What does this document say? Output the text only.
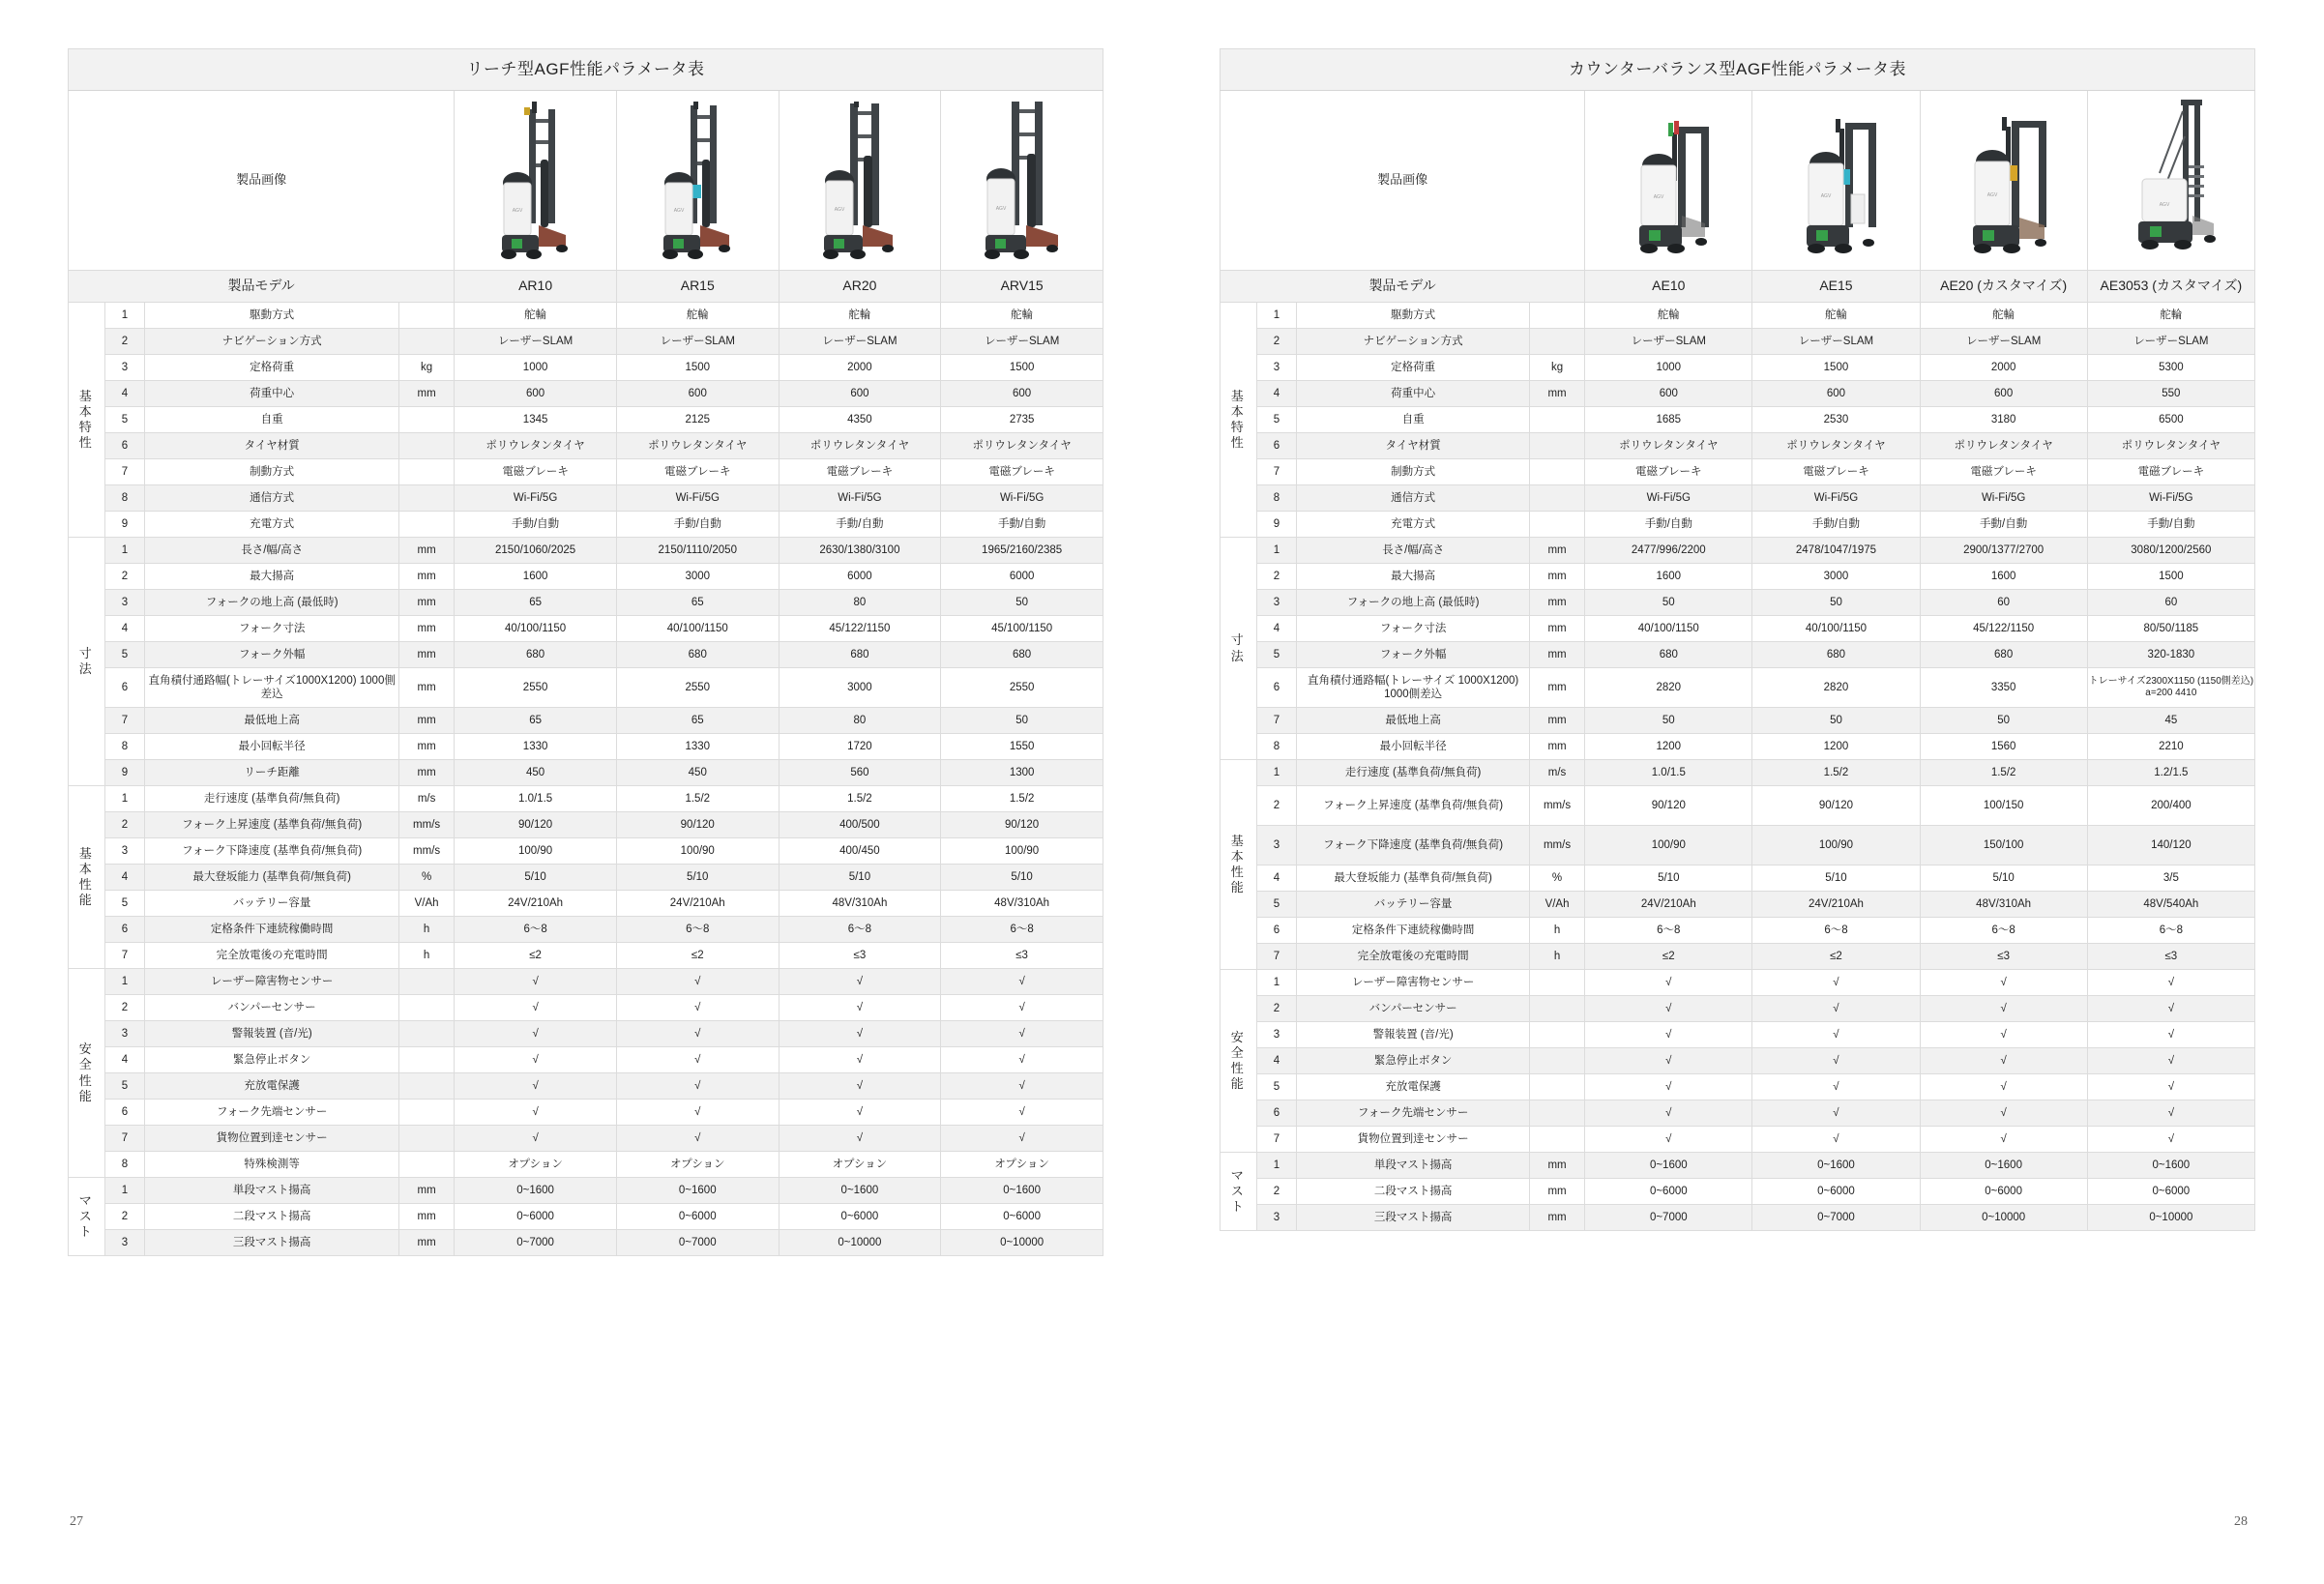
リーチ型AGF性能パラメータ表							
製品画像				AGV	AGV	AGV	AGV

製品モデル				AR10	AR15	AR20	ARV15

基
本
特
性	1	駆動方式		舵輪	舵輪	舵輪	舵輪
	2	ナビゲーション方式		レーザーSLAM	レーザーSLAM	レーザーSLAM	レーザーSLAM
	3	定格荷重	kg	1000	1500	2000	1500
	4	荷重中心	mm	600	600	600	600
	5	自重		1345	2125	4350	2735
	6	タイヤ材質		ポリウレタンタイヤ	ポリウレタンタイヤ	ポリウレタンタイヤ	ポリウレタンタイヤ
	7	制動方式		電磁ブレーキ	電磁ブレーキ	電磁ブレーキ	電磁ブレーキ
	8	通信方式		Wi-Fi/5G	Wi-Fi/5G	Wi-Fi/5G	Wi-Fi/5G
	9	充電方式		手動/自動	手動/自動	手動/自動	手動/自動

寸
法	1	長さ/幅/高さ	mm	2150/1060/2025	2150/1110/2050	2630/1380/3100	1965/2160/2385
	2	最大揚高	mm	1600	3000	6000	6000
	3	フォークの地上高 (最低時)	mm	65	65	80	50
	4	フォーク寸法	mm	40/100/1150	40/100/1150	45/122/1150	45/100/1150
	5	フォーク外幅	mm	680	680	680	680
	6	直角積付通路幅(トレーサイズ1000X1200) 1000側差込	mm	2550	2550	3000	2550
	7	最低地上高	mm	65	65	80	50
	8	最小回転半径	mm	1330	1330	1720	1550
	9	リーチ距離	mm	450	450	560	1300

基
本
性
能	1	走行速度 (基準負荷/無負荷)	m/s	1.0/1.5	1.5/2	1.5/2	1.5/2
	2	フォーク上昇速度 (基準負荷/無負荷)	mm/s	90/120	90/120	400/500	90/120
	3	フォーク下降速度 (基準負荷/無負荷)	mm/s	100/90	100/90	400/450	100/90
	4	最大登坂能力 (基準負荷/無負荷)	%	5/10	5/10	5/10	5/10
	5	バッテリー容量	V/Ah	24V/210Ah	24V/210Ah	48V/310Ah	48V/310Ah
	6	定格条件下連続稼働時間	h	6～8	6～8	6～8	6～8
	7	完全放電後の充電時間	h	≤2	≤2	≤3	≤3

安
全
性
能	1	レーザー障害物センサー		√	√	√	√
	2	バンパーセンサー		√	√	√	√
	3	警報装置 (音/光)		√	√	√	√
	4	緊急停止ボタン		√	√	√	√
	5	充放電保護		√	√	√	√
	6	フォーク先端センサー		√	√	√	√
	7	貨物位置到逹センサー		√	√	√	√
	8	特殊検測等		オプション	オプション	オプション	オプション

マ
ス
ト	1	単段マスト揚高	mm	0~1600	0~1600	0~1600	0~1600
	2	二段マスト揚高	mm	0~6000	0~6000	0~6000	0~6000
	3	三段マスト揚高	mm	0~7000	0~7000	0~10000	0~10000
27
カウンターバランス型AGF性能パラメータ表							
製品画像				AGV	AGV	AGV	AGV

製品モデル				AE10	AE15	AE20 (カスタマイズ)	AE3053 (カスタマイズ)

基
本
特
性	1	駆動方式		舵輪	舵輪	舵輪	舵輪
	2	ナビゲーション方式		レーザーSLAM	レーザーSLAM	レーザーSLAM	レーザーSLAM
	3	定格荷重	kg	1000	1500	2000	5300
	4	荷重中心	mm	600	600	600	550
	5	自重		1685	2530	3180	6500
	6	タイヤ材質		ポリウレタンタイヤ	ポリウレタンタイヤ	ポリウレタンタイヤ	ポリウレタンタイヤ
	7	制動方式		電磁ブレーキ	電磁ブレーキ	電磁ブレーキ	電磁ブレーキ
	8	通信方式		Wi-Fi/5G	Wi-Fi/5G	Wi-Fi/5G	Wi-Fi/5G
	9	充電方式		手動/自動	手動/自動	手動/自動	手動/自動

寸
法	1	長さ/幅/高さ	mm	2477/996/2200	2478/1047/1975	2900/1377/2700	3080/1200/2560
	2	最大揚高	mm	1600	3000	1600	1500
	3	フォークの地上高 (最低時)	mm	50	50	60	60
	4	フォーク寸法	mm	40/100/1150	40/100/1150	45/122/1150	80/50/1185
	5	フォーク外幅	mm	680	680	680	320-1830
	6	直角積付通路幅(トレーサイズ 1000X1200) 1000側差込	mm	2820	2820	3350	トレーサイズ2300X1150 (1150側差込) a=200 4410
	7	最低地上高	mm	50	50	50	45
	8	最小回転半径	mm	1200	1200	1560	2210

基
本
性
能	1	走行速度 (基準負荷/無負荷)	m/s	1.0/1.5	1.5/2	1.5/2	1.2/1.5
	2	フォーク上昇速度 (基準負荷/無負荷)	mm/s	90/120	90/120	100/150	200/400
	3	フォーク下降速度 (基準負荷/無負荷)	mm/s	100/90	100/90	150/100	140/120
	4	最大登坂能力 (基準負荷/無負荷)	%	5/10	5/10	5/10	3/5
	5	バッテリー容量	V/Ah	24V/210Ah	24V/210Ah	48V/310Ah	48V/540Ah
	6	定格条件下連続稼働時間	h	6～8	6～8	6～8	6～8
	7	完全放電後の充電時間	h	≤2	≤2	≤3	≤3

安
全
性
能	1	レーザー障害物センサー		√	√	√	√
	2	バンパーセンサー		√	√	√	√
	3	警報装置 (音/光)		√	√	√	√
	4	緊急停止ボタン		√	√	√	√
	5	充放電保護		√	√	√	√
	6	フォーク先端センサー		√	√	√	√
	7	貨物位置到逹センサー		√	√	√	√

マ
ス
ト	1	単段マスト揚高	mm	0~1600	0~1600	0~1600	0~1600
	2	二段マスト揚高	mm	0~6000	0~6000	0~6000	0~6000
	3	三段マスト揚高	mm	0~7000	0~7000	0~10000	0~10000
28
